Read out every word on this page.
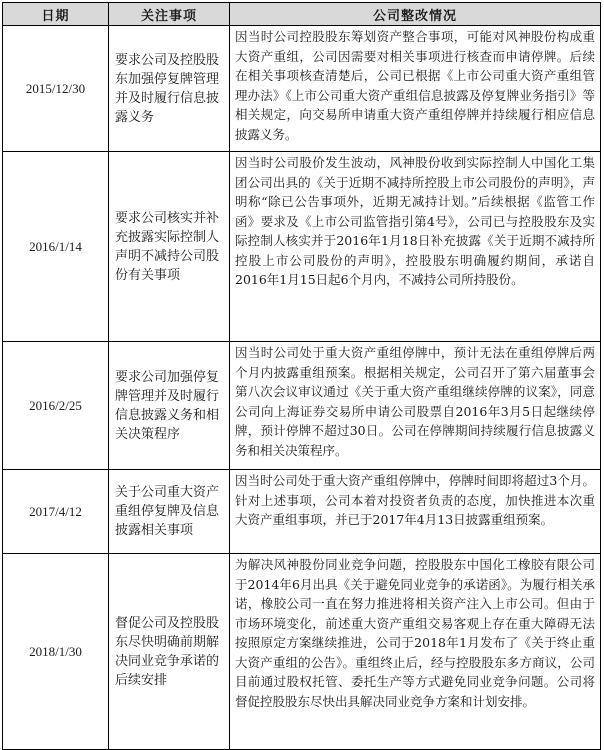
日期	关注事项	公司整改情况
2015/12/30	要求公司及控股股东加强停复牌管理并及时履行信息披露义务	因当时公司控股股东筹划资产整合事项，可能对风神股份构成重大资产重组，公司因需要对相关事项进行核查而申请停牌。后续在相关事项核查清楚后，公司已根据《上市公司重大资产重组管理办法》《上市公司重大资产重组信息披露及停复牌业务指引》等相关规定，向交易所申请重大资产重组停牌并持续履行相应信息披露义务。
2016/1/14	要求公司核实并补充披露实际控制人声明不减持公司股份有关事项	因当时公司股价发生波动，风神股份收到实际控制人中国化工集团公司出具的《关于近期不减持所控股上市公司股份的声明》，声明称“除已公告事项外，近期无减持计划。”后续根据《监管工作函》要求及《上市公司监管指引第4号》，公司已与控股股东及实际控制人核实并于2016年1月18日补充披露《关于近期不减持所控股上市公司股份的声明》，控股股东明确履约期间，承诺自2016年1月15日起6个月内，不减持公司所持股份。
2016/2/25	要求公司加强停复牌管理并及时履行信息披露义务和相关决策程序	因当时公司处于重大资产重组停牌中，预计无法在重组停牌后两个月内披露重组预案。根据相关规定，公司召开了第六届董事会第八次会议审议通过《关于重大资产重组继续停牌的议案》，同意公司向上海证券交易所申请公司股票自2016年3月5日起继续停牌，预计停牌不超过30日。公司在停牌期间持续履行信息披露义务和相关决策程序。
2017/4/12	关于公司重大资产重组停复牌及信息披露相关事项	因当时公司处于重大资产重组停牌中，停牌时间即将超过3个月。针对上述事项，公司本着对投资者负责的态度，加快推进本次重大资产重组事项，并已于2017年4月13日披露重组预案。
2018/1/30	督促公司及控股股东尽快明确前期解决同业竞争承诺的后续安排	为解决风神股份同业竞争问题，控股股东中国化工橡胶有限公司于2014年6月出具《关于避免同业竞争的承诺函》。为履行相关承诺，橡胶公司一直在努力推进将相关资产注入上市公司。但由于市场环境变化，前述重大资产重组交易客观上存在重大障碍无法按照原定方案继续推进，公司于2018年1月发布了《关于终止重大资产重组的公告》。重组终止后，经与控股股东多方商议，公司目前通过股权托管、委托生产等方式避免同业竞争问题。公司将督促控股股东尽快出具解决同业竞争方案和计划安排。
